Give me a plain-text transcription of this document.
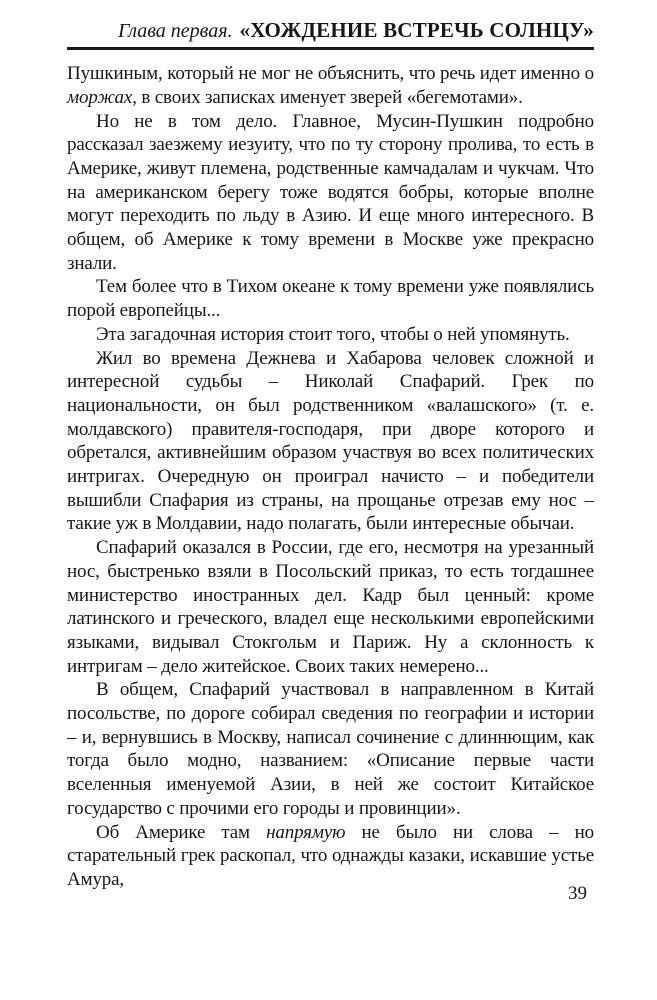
Глава первая. «ХОЖДЕНИЕ ВСТРЕЧЬ СОЛНЦУ»

Пушкиным, который не мог не объяснить, что речь идет именно о моржах, в своих записках именует зверей «бегемотами».

Но не в том дело. Главное, Мусин-Пушкин подробно рассказал заезжему иезуиту, что по ту сторону пролива, то есть в Америке, живут племена, родственные камчадалам и чукчам. Что на американском берегу тоже водятся бобры, которые вполне могут переходить по льду в Азию. И еще много интересного. В общем, об Америке к тому времени в Москве уже прекрасно знали.

Тем более что в Тихом океане к тому времени уже появлялись порой европейцы...

Эта загадочная история стоит того, чтобы о ней упомянуть.

Жил во времена Дежнева и Хабарова человек сложной и интересной судьбы – Николай Спафарий. Грек по национальности, он был родственником «валашского» (т. е. молдавского) правителя-господаря, при дворе которого и обретался, активнейшим образом участвуя во всех политических интригах. Очередную он проиграл начисто – и победители вышибли Спафария из страны, на прощанье отрезав ему нос – такие уж в Молдавии, надо полагать, были интересные обычаи.

Спафарий оказался в России, где его, несмотря на урезанный нос, быстренько взяли в Посольский приказ, то есть тогдашнее министерство иностранных дел. Кадр был ценный: кроме латинского и греческого, владел еще несколькими европейскими языками, видывал Стокгольм и Париж. Ну а склонность к интригам – дело житейское. Своих таких немерено...

В общем, Спафарий участвовал в направленном в Китай посольстве, по дороге собирал сведения по географии и истории – и, вернувшись в Москву, написал сочинение с длиннющим, как тогда было модно, названием: «Описание первые части вселенныя именуемой Азии, в ней же состоит Китайское государство с прочими его городы и провинции».

Об Америке там напрямую не было ни слова – но старательный грек раскопал, что однажды казаки, искавшие устье Амура,

39
